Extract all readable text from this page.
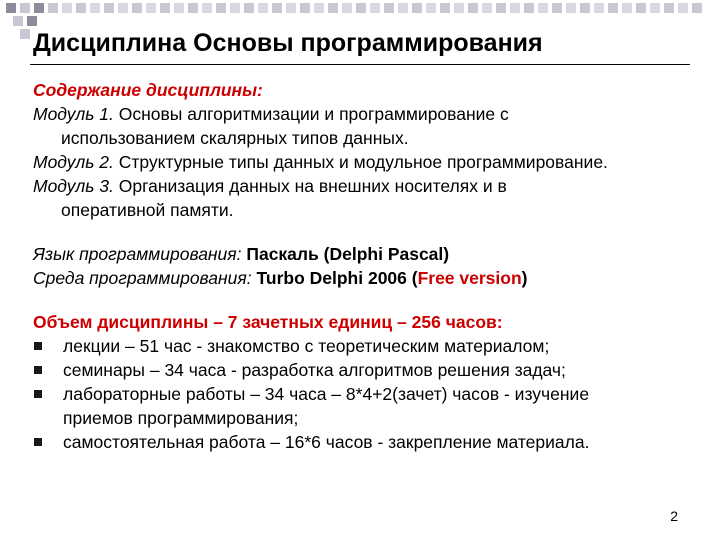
Дисциплина Основы программирования
Содержание дисциплины:
Модуль 1. Основы алгоритмизации и программирование с
использованием скалярных типов данных.
Модуль 2. Структурные типы данных и модульное программирование.
Модуль 3. Организация данных на внешних носителях и в
оперативной памяти.
Язык программирования: Паскаль (Delphi Pascal)
Среда программирования: Turbo Delphi 2006 (Free version)
Объем дисциплины – 7 зачетных единиц – 256 часов:
лекции – 51 час - знакомство с теоретическим материалом;
семинары – 34 часа - разработка алгоритмов решения задач;
лабораторные работы – 34 часа – 8*4+2(зачет) часов - изучение
приемов программирования;
самостоятельная работа – 16*6 часов - закрепление материала.
2
